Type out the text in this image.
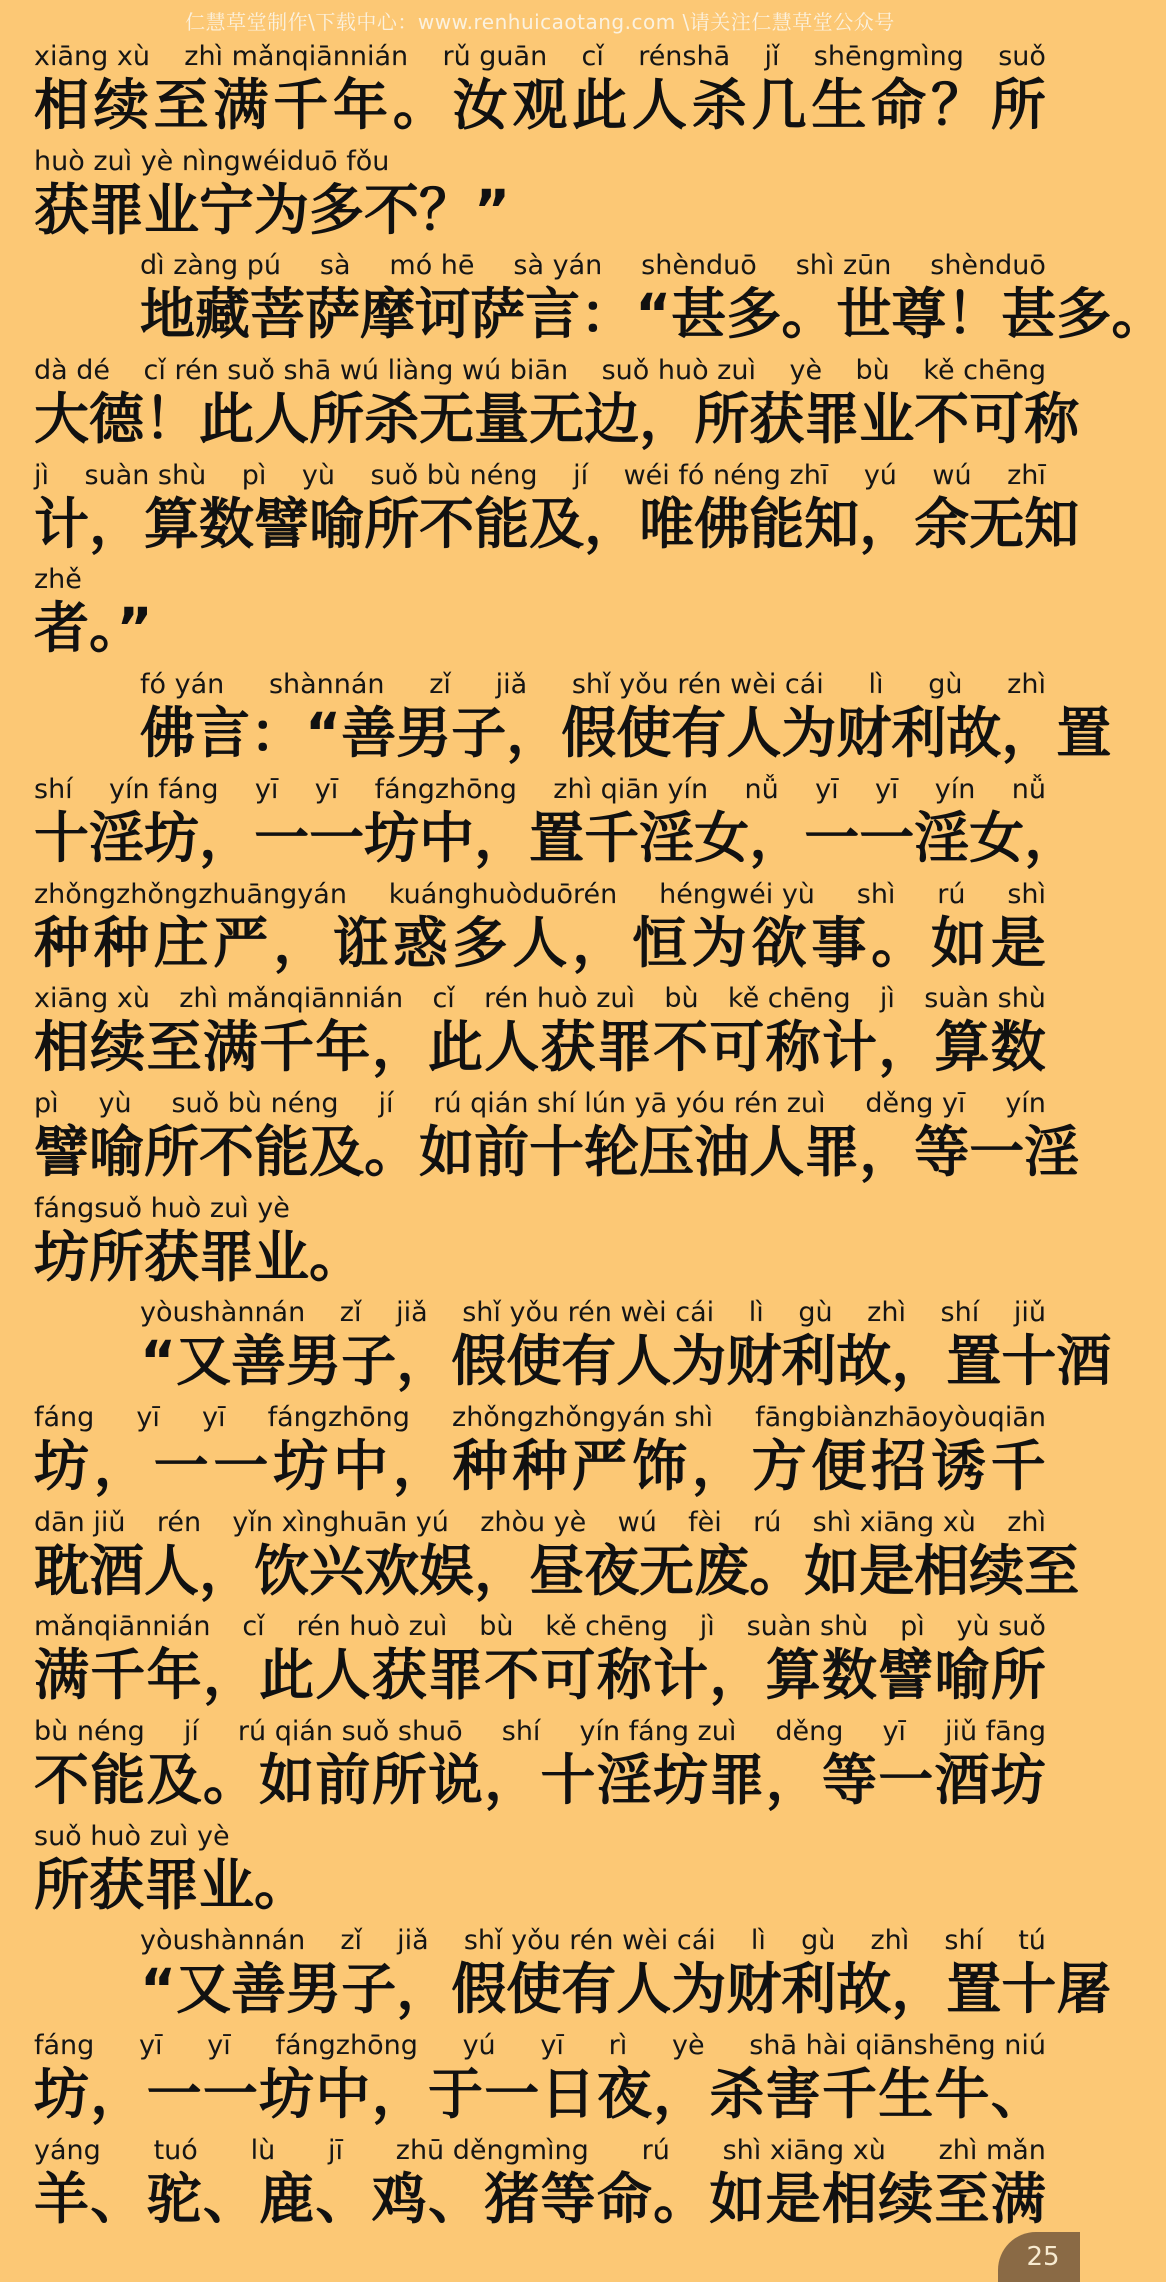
仁慧草堂制作\下载中心：www.renhuicaotang.com \请关注仁慧草堂公众号
xiāng xù zhì mǎnqiānnián rǔ guān cǐ rénshā jǐ shēngmìng suǒ
相 续 至 满 千 年 。 汝 观 此 人 杀 几 生 命 ？ 所
huò zuì yè nìngwéiduō fǒu
获罪业宁为多不？”
dì zàng pú sà mó hē sà yán shènduō shì zūn shènduō
地 藏 菩 萨 摩 诃 萨 言 ： “ 甚 多 。 世 尊 ！ 甚 多 。
dà dé cǐ rén suǒ shā wú liàng wú biān suǒ huò zuì yè bù kě chēng
大 德 ！ 此 人 所 杀 无 量 无 边 ， 所 获 罪 业 不 可 称
jì suàn shù pì yù suǒ bù néng jí wéi fó néng zhī yú wú zhī
计 ， 算 数 譬 喻 所 不 能 及 ， 唯 佛 能 知 ， 余 无 知
zhě
者。”
fó yán shànnán zǐ jiǎ shǐ yǒu rén wèi cái lì gù zhì
佛 言 ： “ 善 男 子 ， 假 使 有 人 为 财 利 故 ， 置
shí yín fáng yī yī fángzhōng zhì qiān yín nǚ yī yī yín nǚ
十 淫 坊 ， 一 一 坊 中 ， 置 千 淫 女 ， 一 一 淫 女 ，
zhǒngzhǒngzhuāngyán kuánghuòduōrén héngwéi yù shì rú shì
种 种 庄 严 ， 诳 惑 多 人 ， 恒 为 欲 事 。 如 是
xiāng xù zhì mǎnqiānnián cǐ rén huò zuì bù kě chēng jì suàn shù
相 续 至 满 千 年 ， 此 人 获 罪 不 可 称 计 ， 算 数
pì yù suǒ bù néng jí rú qián shí lún yā yóu rén zuì děng yī yín
譬 喻 所 不 能 及 。 如 前 十 轮 压 油 人 罪 ， 等 一 淫
fángsuǒ huò zuì yè
坊所获罪业。
yòushànnán zǐ jiǎ shǐ yǒu rén wèi cái lì gù zhì shí jiǔ
“ 又 善 男 子 ， 假 使 有 人 为 财 利 故 ， 置 十 酒
fáng yī yī fángzhōng zhǒngzhǒngyán shì fāngbiànzhāoyòuqiān
坊 ， 一 一 坊 中 ， 种 种 严 饰 ， 方 便 招 诱 千
dān jiǔ rén yǐn xìnghuān yú zhòu yè wú fèi rú shì xiāng xù zhì
耽 酒 人 ， 饮 兴 欢 娱 ， 昼 夜 无 废 。 如 是 相 续 至
mǎnqiānnián cǐ rén huò zuì bù kě chēng jì suàn shù pì yù suǒ
满 千 年 ， 此 人 获 罪 不 可 称 计 ， 算 数 譬 喻 所
bù néng jí rú qián suǒ shuō shí yín fáng zuì děng yī jiǔ fāng
不 能 及 。 如 前 所 说 ， 十 淫 坊 罪 ， 等 一 酒 坊
suǒ huò zuì yè
所获罪业。
yòushànnán zǐ jiǎ shǐ yǒu rén wèi cái lì gù zhì shí tú
“ 又 善 男 子 ， 假 使 有 人 为 财 利 故 ， 置 十 屠
fáng yī yī fángzhōng yú yī rì yè shā hài qiānshēng niú
坊 ， 一 一 坊 中 ， 于 一 日 夜 ， 杀 害 千 生 牛 、
yáng tuó lù jī zhū děngmìng rú shì xiāng xù zhì mǎn
羊 、 驼 、 鹿 、 鸡 、 猪 等 命 。 如 是 相 续 至 满
25
